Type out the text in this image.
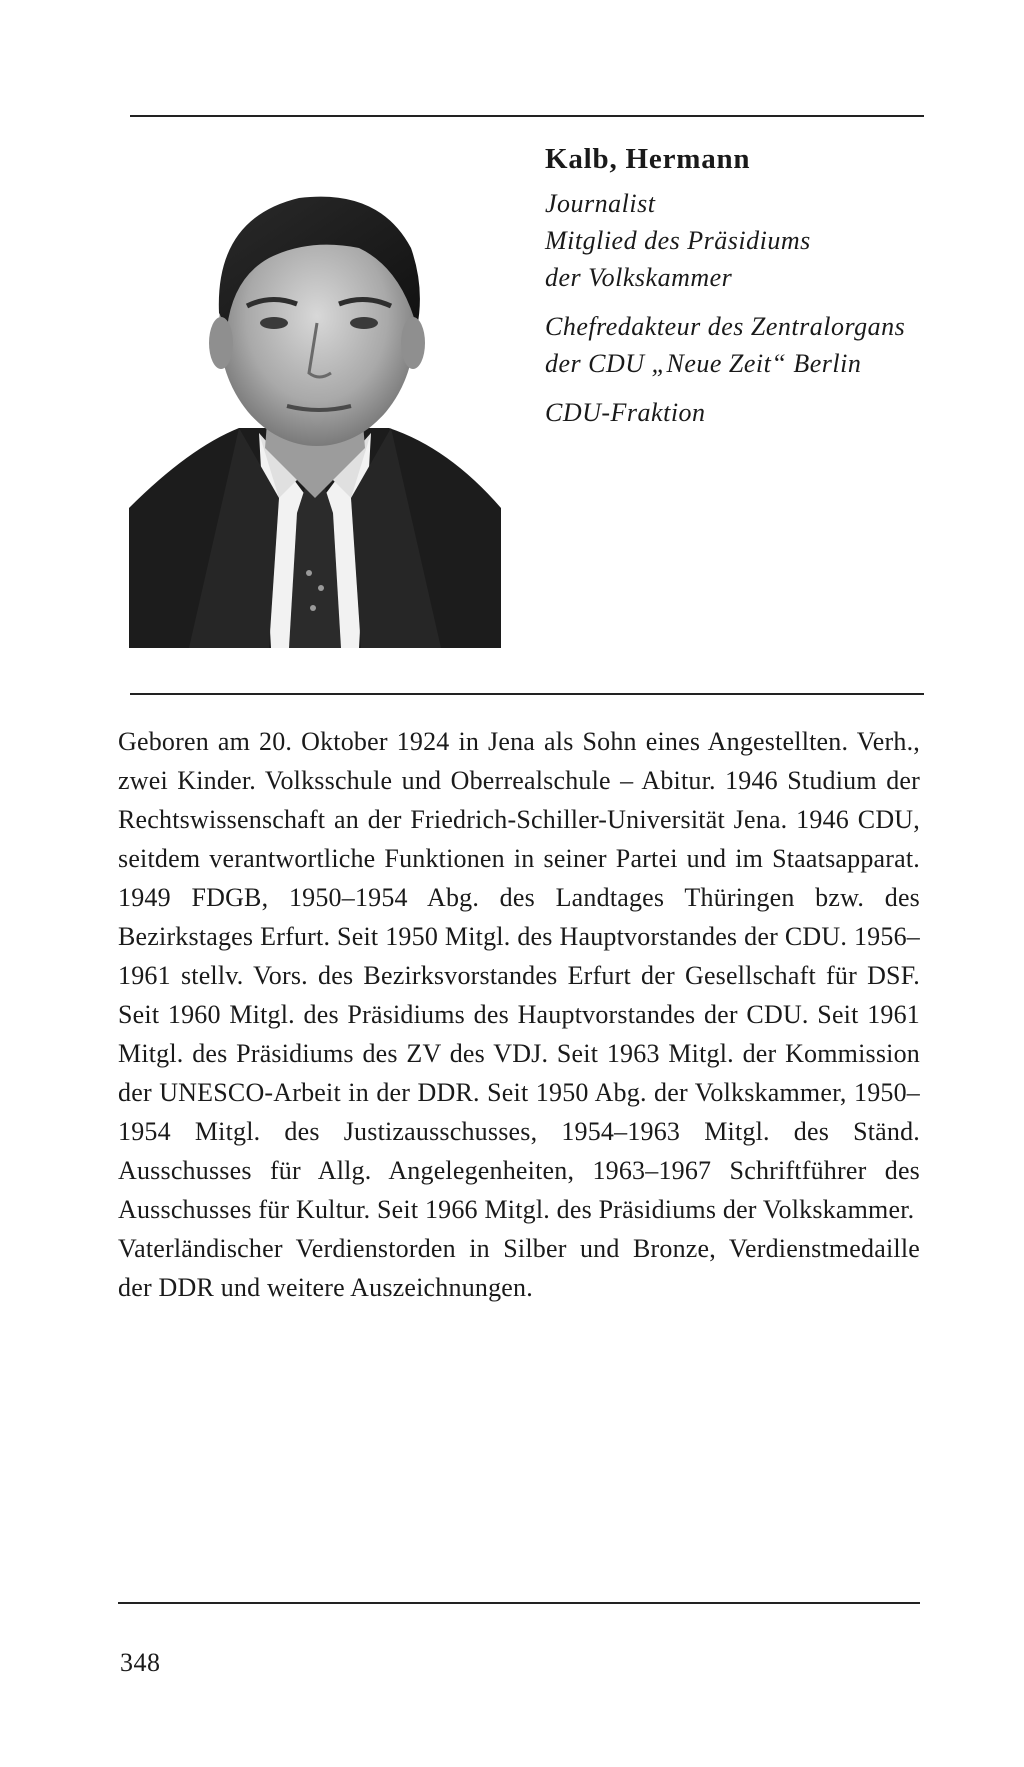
Kalb, Hermann
Journalist
Mitglied des Präsidiums
der Volkskammer
Chefredakteur des Zentralorgans
der CDU „Neue Zeit“ Berlin
CDU-Fraktion

Geboren am 20. Oktober 1924 in Jena als Sohn eines Angestellten. Verh., zwei Kinder. Volksschule und Oberrealschule – Abitur. 1946 Studium der Rechtswissenschaft an der Friedrich-Schiller-Universität Jena. 1946 CDU, seitdem verantwortliche Funktionen in seiner Partei und im Staatsapparat. 1949 FDGB, 1950–1954 Abg. des Landtages Thüringen bzw. des Bezirkstages Erfurt. Seit 1950 Mitgl. des Hauptvorstandes der CDU. 1956–1961 stellv. Vors. des Bezirksvorstandes Erfurt der Gesellschaft für DSF. Seit 1960 Mitgl. des Präsidiums des Hauptvorstandes der CDU. Seit 1961 Mitgl. des Präsidiums des ZV des VDJ. Seit 1963 Mitgl. der Kommission der UNESCO-Arbeit in der DDR. Seit 1950 Abg. der Volkskammer, 1950–1954 Mitgl. des Justizausschusses, 1954–1963 Mitgl. des Ständ. Ausschusses für Allg. Angelegenheiten, 1963–1967 Schriftführer des Ausschusses für Kultur. Seit 1966 Mitgl. des Präsidiums der Volkskammer.

Vaterländischer Verdienstorden in Silber und Bronze, Verdienstmedaille der DDR und weitere Auszeichnungen.

348
